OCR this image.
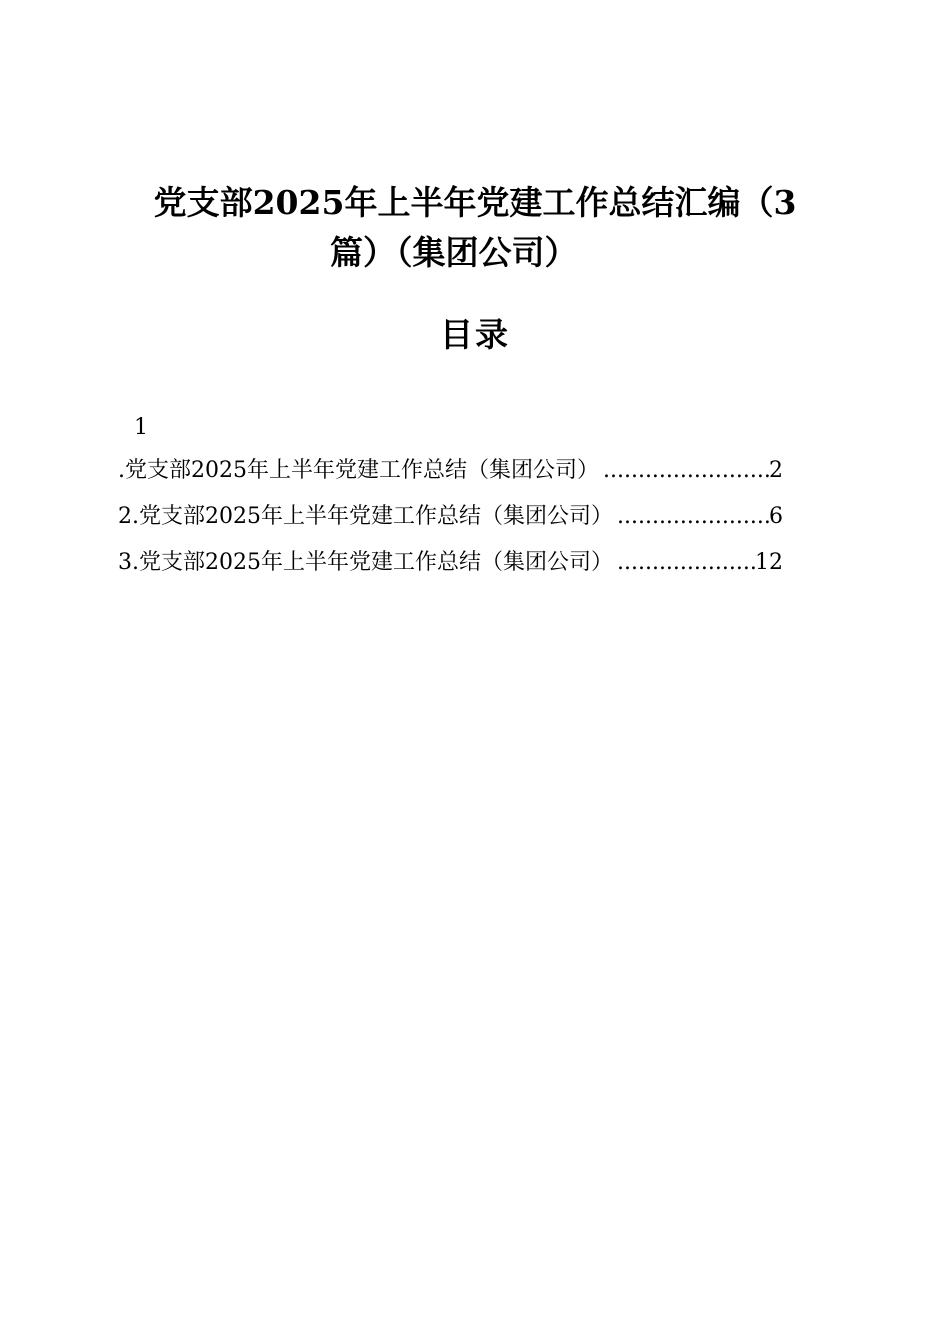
党支部2025年上半年党建工作总结汇编（3
篇）（集团公司）
目录
1
.党支部2025年上半年党建工作总结（集团公司） .....	2
2.党支部2025年上半年党建工作总结（集团公司） .....	6
3.党支部2025年上半年党建工作总结（集团公司） .....	12
